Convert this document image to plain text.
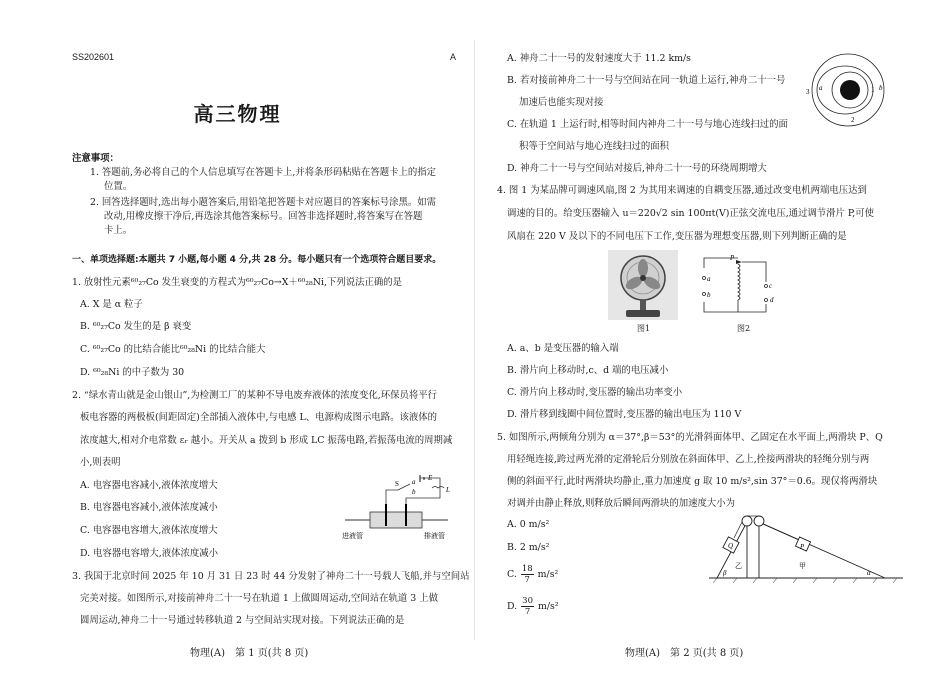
SS202601	A
高三物理
注意事项：
1. 答题前,务必将自己的个人信息填写在答题卡上,并将条形码粘贴在答题卡上的指定
位置。
2. 回答选择题时,选出每小题答案后,用铅笔把答题卡对应题目的答案标号涂黑。如需
改动,用橡皮擦干净后,再选涂其他答案标号。回答非选择题时,将答案写在答题
卡上。
一、单项选择题:本题共 7 小题,每小题 4 分,共 28 分。每小题只有一个选项符合题目要求。
1. 放射性元素⁶⁰₂₇Co 发生衰变的方程式为⁶⁰₂₇Co→X＋⁶⁰₂₈Ni,下列说法正确的是
A. X 是 α 粒子
B. ⁶⁰₂₇Co 发生的是 β 衰变
C. ⁶⁰₂₇Co 的比结合能比⁶⁰₂₈Ni 的比结合能大
D. ⁶⁰₂₈Ni 的中子数为 30
2. “绿水青山就是金山银山”,为检测工厂的某种不导电废弃液体的浓度变化,环保员将平行
板电容器的两极板(间距固定)全部插入液体中,与电感 L、电源构成图示电路。该液体的
浓度越大,相对介电常数 εᵣ 越小。开关从 a 拨到 b 形成 LC 振荡电路,若振荡电流的周期减
小,则表明
A. 电容器电容减小,液体浓度增大
B. 电容器电容减小,液体浓度减小
C. 电容器电容增大,液体浓度增大
D. 电容器电容增大,液体浓度减小
S a
b
E
L
进液管	排液管
3. 我国于北京时间 2025 年 10 月 31 日 23 时 44 分发射了神舟二十一号载人飞船,并与空间站
完美对接。如图所示,对接前神舟二十一号在轨道 1 上做圆周运动,空间站在轨道 3 上做
圆周运动,神舟二十一号通过转移轨道 2 与空间站实现对接。下列说法正确的是
物理(A)　第 1 页(共 8 页)
A. 神舟二十一号的发射速度大于 11.2 km/s
B. 若对接前神舟二十一号与空间站在同一轨道上运行,神舟二十一号
加速后也能实现对接
C. 在轨道 1 上运行时,相等时间内神舟二十一号与地心连线扫过的面
积等于空间站与地心连线扫过的面积
D. 神舟二十一号与空间站对接后,神舟二十一号的环绕周期增大
3	1
2
a	b
4. 图 1 为某品牌可调速风扇,图 2 为其用来调速的自耦变压器,通过改变电机两端电压达到
调速的目的。给变压器输入 u＝220√2 sin 100πt(V)正弦交流电压,通过调节滑片 P,可使
风扇在 220 V 及以下的不同电压下工作,变压器为理想变压器,则下列判断正确的是
图1
P
a
b
c
d
图2
A. a、b 是变压器的输入端
B. 滑片向上移动时,c、d 端的电压减小
C. 滑片向上移动时,变压器的输出功率变小
D. 滑片移到线圈中间位置时,变压器的输出电压为 110 V
5. 如图所示,两倾角分别为 α＝37°,β＝53°的光滑斜面体甲、乙固定在水平面上,两滑块 P、Q
用轻绳连接,跨过两光滑的定滑轮后分别放在斜面体甲、乙上,拴接两滑块的轻绳分别与两
侧的斜面平行,此时两滑块均静止,重力加速度 g 取 10 m/s²,sin 37°＝0.6。现仅将两滑块
对调并由静止释放,则释放后瞬间两滑块的加速度大小为
A. 0 m/s²
B. 2 m/s²
C. $\frac{18}{7} m/s^2$
D. $\frac{30}{7} m/s^2$
Q	P
β	α
乙	甲
物理(A)　第 2 页(共 8 页)
